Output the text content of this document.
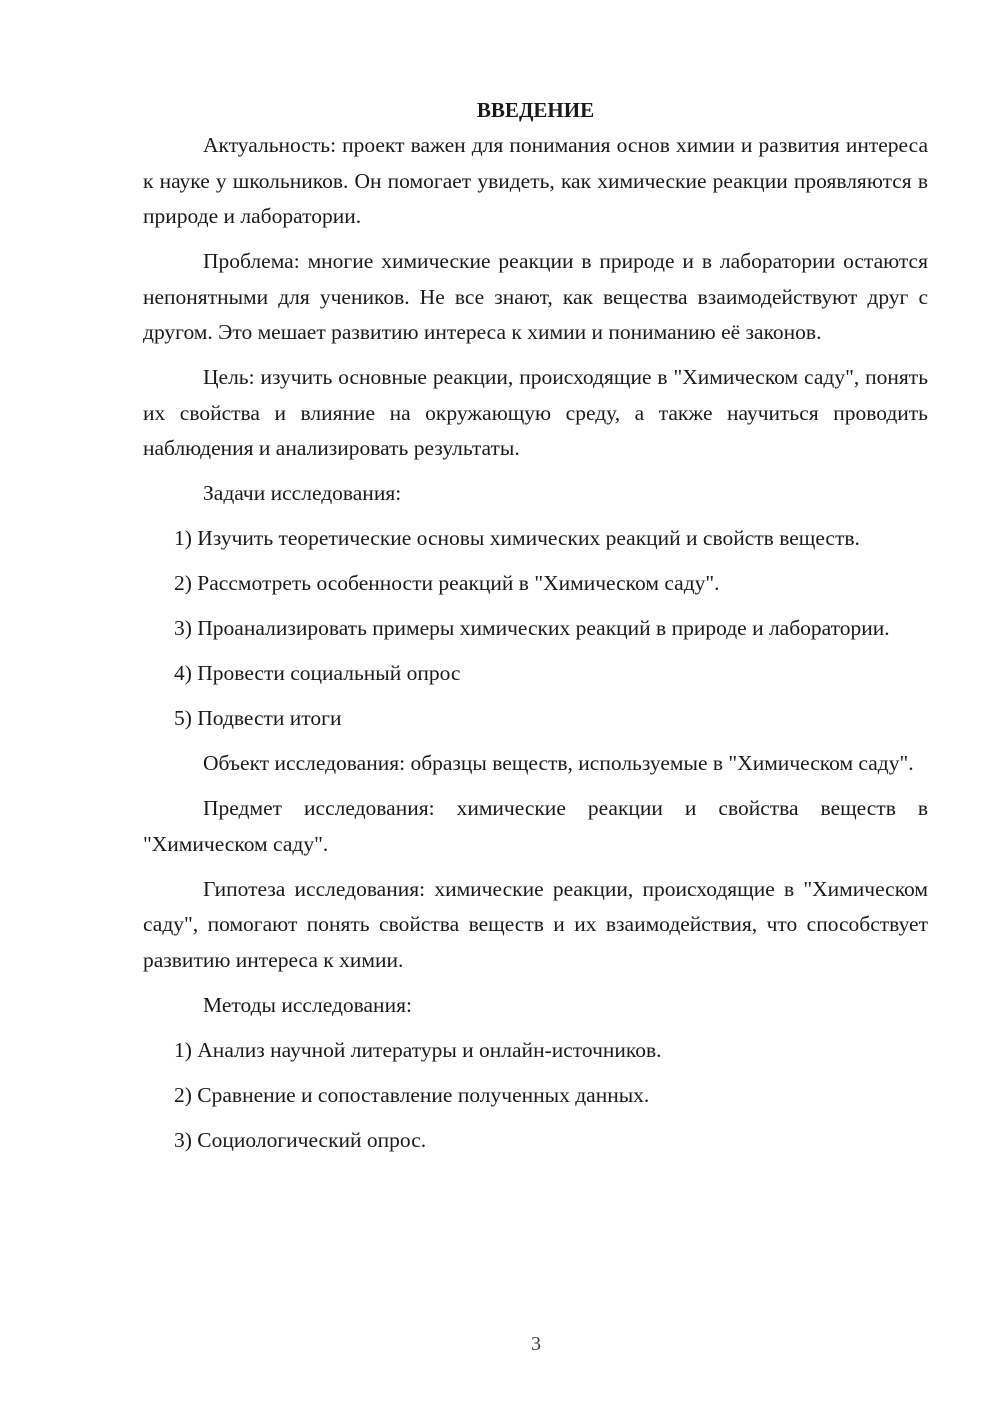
ВВЕДЕНИЕ

Актуальность: проект важен для понимания основ химии и развития интереса к науке у школьников. Он помогает увидеть, как химические реакции проявляются в природе и лаборатории.

Проблема: многие химические реакции в природе и в лаборатории остаются непонятными для учеников. Не все знают, как вещества взаимодействуют друг с другом. Это мешает развитию интереса к химии и пониманию её законов.

Цель: изучить основные реакции, происходящие в "Химическом саду", понять их свойства и влияние на окружающую среду, а также научиться проводить наблюдения и анализировать результаты.

Задачи исследования:

1) Изучить теоретические основы химических реакций и свойств веществ.

2) Рассмотреть особенности реакций в "Химическом саду".

3) Проанализировать примеры химических реакций в природе и лаборатории.

4) Провести социальный опрос

5) Подвести итоги

Объект исследования: образцы веществ, используемые в "Химическом саду".

Предмет исследования: химические реакции и свойства веществ в "Химическом саду".

Гипотеза исследования: химические реакции, происходящие в "Химическом саду", помогают понять свойства веществ и их взаимодействия, что способствует развитию интереса к химии.

Методы исследования:

1) Анализ научной литературы и онлайн-источников.

2) Сравнение и сопоставление полученных данных.

3) Социологический опрос.

3
